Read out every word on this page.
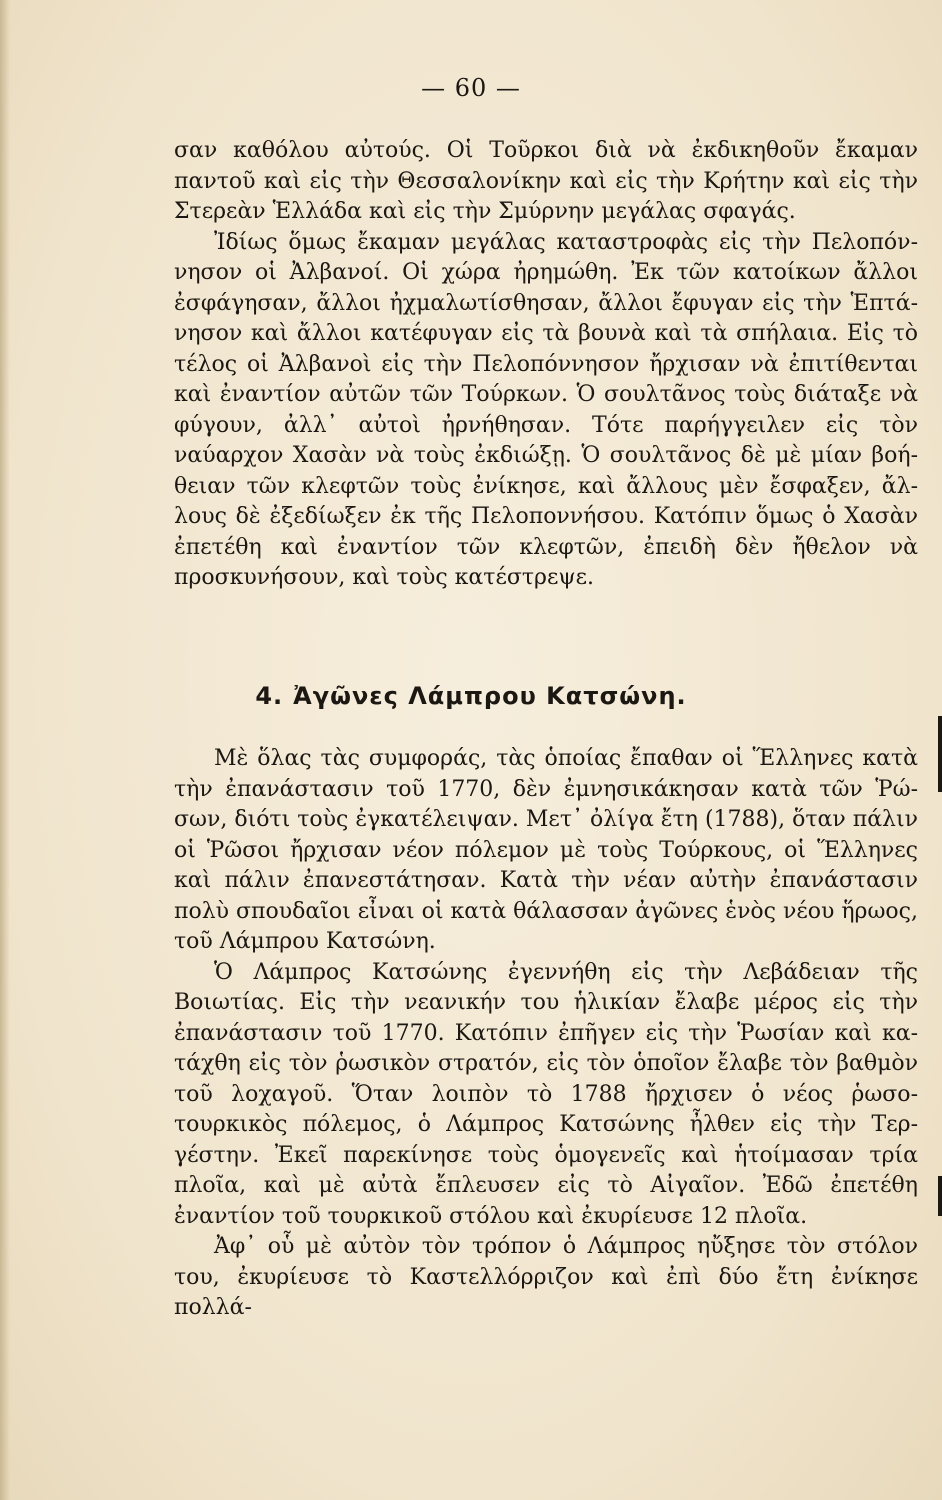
— 60 —

σαν καθόλου αὐτούς. Οἱ Τοῦρκοι διὰ νὰ ἐκδικηθοῦν ἔκαμαν παντοῦ καὶ εἰς τὴν Θεσσαλονίκην καὶ εἰς τὴν Κρήτην καὶ εἰς τὴν Στερεὰν Ἑλλάδα καὶ εἰς τὴν Σμύρνην μεγάλας σφαγάς.

Ἰδίως ὅμως ἔκαμαν μεγάλας καταστροφὰς εἰς τὴν Πελοπόννησον οἱ Ἀλβανοί. Οἱ χώρα ἠρημώθη. Ἐκ τῶν κατοίκων ἄλλοι ἐσφάγησαν, ἄλλοι ἠχμαλωτίσθησαν, ἄλλοι ἔφυγαν εἰς τὴν Ἑπτάνησον καὶ ἄλλοι κατέφυγαν εἰς τὰ βουνὰ καὶ τὰ σπήλαια. Εἰς τὸ τέλος οἱ Ἀλβανοὶ εἰς τὴν Πελοπόννησον ἤρχισαν νὰ ἐπιτίθενται καὶ ἐναντίον αὐτῶν τῶν Τούρκων. Ὁ σουλτᾶνος τοὺς διάταξε νὰ φύγουν, ἀλλ᾽ αὐτοὶ ἠρνήθησαν. Τότε παρήγγειλεν εἰς τὸν ναύαρχον Χασὰν νὰ τοὺς ἐκδιώξῃ. Ὁ σουλτᾶνος δὲ μὲ μίαν βοήθειαν τῶν κλεφτῶν τοὺς ἐνίκησε, καὶ ἄλλους μὲν ἔσφαξεν, ἄλλους δὲ ἐξεδίωξεν ἐκ τῆς Πελοποννήσου. Κατόπιν ὅμως ὁ Χασὰν ἐπετέθη καὶ ἐναντίον τῶν κλεφτῶν, ἐπειδὴ δὲν ἤθελον νὰ προσκυνήσουν, καὶ τοὺς κατέστρεψε.

4. Ἀγῶνες Λάμπρου Κατσώνη.

Μὲ ὅλας τὰς συμφοράς, τὰς ὁποίας ἔπαθαν οἱ Ἕλληνες κατὰ τὴν ἐπανάστασιν τοῦ 1770, δὲν ἐμνησικάκησαν κατὰ τῶν Ῥώσων, διότι τοὺς ἐγκατέλειψαν. Μετ᾽ ὀλίγα ἔτη (1788), ὅταν πάλιν οἱ Ῥῶσοι ἤρχισαν νέον πόλεμον μὲ τοὺς Τούρκους, οἱ Ἕλληνες καὶ πάλιν ἐπανεστάτησαν. Κατὰ τὴν νέαν αὐτὴν ἐπανάστασιν πολὺ σπουδαῖοι εἶναι οἱ κατὰ θάλασσαν ἀγῶνες ἑνὸς νέου ἥρωος, τοῦ Λάμπρου Κατσώνη.

Ὁ Λάμπρος Κατσώνης ἐγεννήθη εἰς τὴν Λεβάδειαν τῆς Βοιωτίας. Εἰς τὴν νεανικήν του ἡλικίαν ἔλαβε μέρος εἰς τὴν ἐπανάστασιν τοῦ 1770. Κατόπιν ἐπῆγεν εἰς τὴν Ῥωσίαν καὶ κατάχθη εἰς τὸν ῥωσικὸν στρατόν, εἰς τὸν ὁποῖον ἔλαβε τὸν βαθμὸν τοῦ λοχαγοῦ. Ὅταν λοιπὸν τὸ 1788 ἤρχισεν ὁ νέος ῥωσοτουρκικὸς πόλεμος, ὁ Λάμπρος Κατσώνης ἦλθεν εἰς τὴν Τεργέστην. Ἐκεῖ παρεκίνησε τοὺς ὁμογενεῖς καὶ ἡτοίμασαν τρία πλοῖα, καὶ μὲ αὐτὰ ἔπλευσεν εἰς τὸ Αἰγαῖον. Ἐδῶ ἐπετέθη ἐναντίον τοῦ τουρκικοῦ στόλου καὶ ἐκυρίευσε 12 πλοῖα.

Ἀφ᾽ οὗ μὲ αὐτὸν τὸν τρόπον ὁ Λάμπρος ηὔξησε τὸν στόλον του, ἐκυρίευσε τὸ Καστελλόρριζον καὶ ἐπὶ δύο ἔτη ἐνίκησε πολλά-
